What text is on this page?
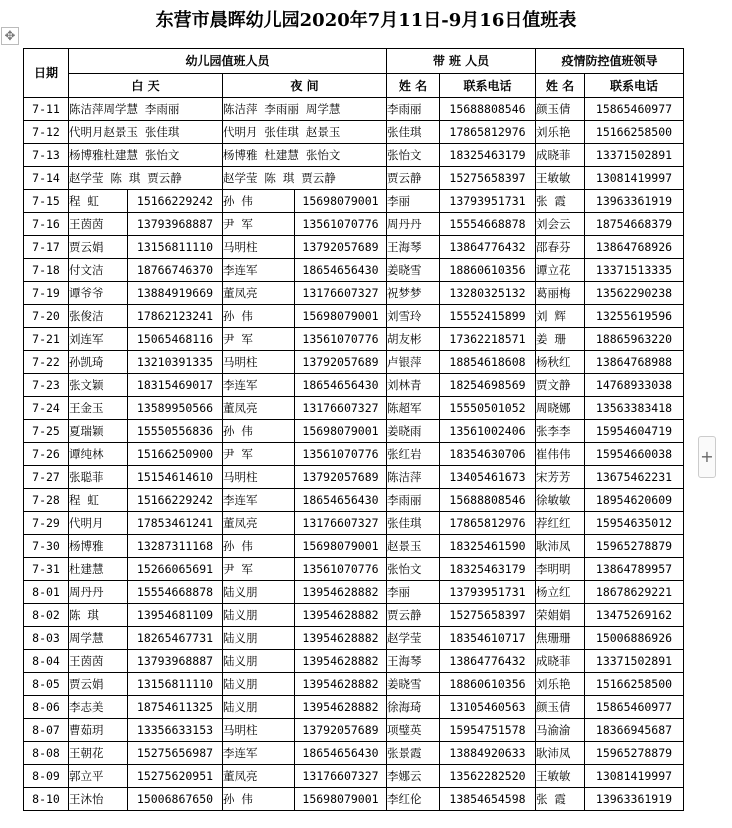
东营市晨晖幼儿园2020年7月11日-9月16日值班表
✥
+
日期	幼儿园值班人员				带 班 人员		疫情防控值班领导	
	白 天		夜 间		姓 名	联系电话	姓 名	联系电话
7-11	陈洁萍周学慧 李雨丽		陈洁萍 李雨丽 周学慧		李雨丽	15688808546	颜玉倩	15865460977
7-12	代明月赵景玉 张佳琪		代明月 张佳琪 赵景玉		张佳琪	17865812976	刘乐艳	15166258500
7-13	杨博雅杜建慧 张怡文		杨博雅 杜建慧 张怡文		张怡文	18325463179	成晓菲	13371502891
7-14	赵学莹 陈 琪 贾云静		赵学莹 陈 琪 贾云静		贾云静	15275658397	王敏敏	13081419997
7-15	程 虹	15166229242	孙 伟	15698079001	李丽	13793951731	张 霞	13963361919
7-16	王茵茵	13793968887	尹 军	13561070776	周丹丹	15554668878	刘会云	18754668379
7-17	贾云娟	13156811110	马明柱	13792057689	王海琴	13864776432	邵春芬	13864768926
7-18	付文洁	18766746370	李连军	18654656430	姜晓雪	18860610356	谭立花	13371513335
7-19	谭爷爷	13884919669	董凤亮	13176607327	祝梦梦	13280325132	葛丽梅	13562290238
7-20	张俊洁	17862123241	孙 伟	15698079001	刘雪玲	15552415899	刘 辉	13255619596
7-21	刘连军	15065468116	尹 军	13561070776	胡友彬	17362218571	姜 珊	18865963220
7-22	孙凯琦	13210391335	马明柱	13792057689	卢银萍	18854618608	杨秋红	13864768988
7-23	张文颖	18315469017	李连军	18654656430	刘林青	18254698569	贾文静	14768933038
7-24	王金玉	13589950566	董凤亮	13176607327	陈超军	15550501052	周晓娜	13563383418
7-25	夏瑞颖	15550556836	孙 伟	15698079001	姜晓雨	13561002406	张李李	15954604719
7-26	谭纯林	15166250900	尹 军	13561070776	张红岩	18354630706	崔伟伟	15954660038
7-27	张聪菲	15154614610	马明柱	13792057689	陈洁萍	13405461673	宋芳芳	13675462231
7-28	程 虹	15166229242	李连军	18654656430	李雨丽	15688808546	徐敏敏	18954620609
7-29	代明月	17853461241	董凤亮	13176607327	张佳琪	17865812976	荐红红	15954635012
7-30	杨博雅	13287311168	孙 伟	15698079001	赵景玉	18325461590	耿沛凤	15965278879
7-31	杜建慧	15266065691	尹 军	13561070776	张怡文	18325463179	李明明	13864789957
8-01	周丹丹	15554668878	陆义朋	13954628882	李丽	13793951731	杨立红	18678629221
8-02	陈 琪	13954681109	陆义朋	13954628882	贾云静	15275658397	荣娟娟	13475269162
8-03	周学慧	18265467731	陆义朋	13954628882	赵学莹	18354610717	焦珊珊	15006886926
8-04	王茵茵	13793968887	陆义朋	13954628882	王海琴	13864776432	成晓菲	13371502891
8-05	贾云娟	13156811110	陆义朋	13954628882	姜晓雪	18860610356	刘乐艳	15166258500
8-06	李志美	18754611325	陆义朋	13954628882	徐海琦	13105460563	颜玉倩	15865460977
8-07	曹茹玥	13356633153	马明柱	13792057689	项璧英	15954751578	马渝渝	18366945687
8-08	王朝花	15275656987	李连军	18654656430	张景霞	13884920633	耿沛凤	15965278879
8-09	郭立平	15275620951	董凤亮	13176607327	李娜云	13562282520	王敏敏	13081419997
8-10	王沐怡	15006867650	孙 伟	15698079001	李红伦	13854654598	张 霞	13963361919
